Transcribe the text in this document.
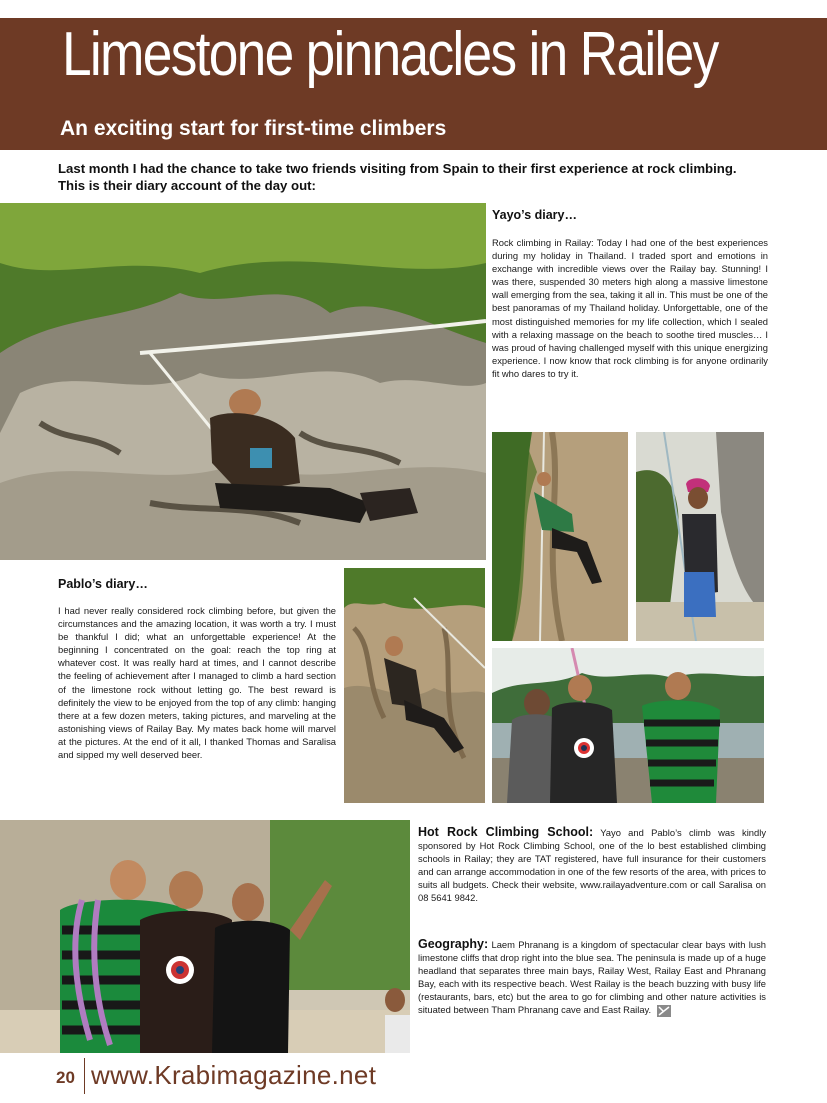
Limestone pinnacles in Railey
An exciting start for first-time climbers
Last month I had the chance to take two friends visiting from Spain to their first experience at rock climbing. This is their diary account of the day out:
Yayo’s diary…
Rock climbing in Railay: Today I had one of the best experiences during my holiday in Thailand. I traded sport and emotions in exchange with incredible views over the Railay bay. Stunning! I was there, suspended 30 meters high along a massive limestone wall emerging from the sea, taking it all in. This must be one of the best panoramas of my Thailand holiday. Unforgettable, one of the most distinguished memories for my life collection, which I sealed with a relaxing massage on the beach to soothe tired muscles… I was proud of having challenged myself with this unique energizing experience. I now know that rock climbing is for anyone ordinarily fit who dares to try it.
Pablo’s diary…
I had never really considered rock climbing before, but given the circumstances and the amazing location, it was worth a try. I must be thankful I did; what an unforgettable experience! At the beginning I concentrated on the goal: reach the top ring at whatever cost. It was really hard at times, and I cannot describe the feeling of achievement after I managed to climb a hard section of the limestone rock without letting go. The best reward is definitely the view to be enjoyed from the top of any climb: hanging there at a few dozen meters, taking pictures, and marveling at the astonishing views of Railay Bay. My mates back home will marvel at the pictures. At the end of it all, I thanked Thomas and Saralisa and sipped my well deserved beer.
Hot Rock Climbing School: Yayo and Pablo’s climb was kindly sponsored by Hot Rock Climbing School, one of the lo best established climbing schools in Railay; they are TAT registered, have full insurance for their customers and can arrange accommodation in one of the few resorts of the area, with prices to suits all budgets. Check their website, www.railayadventure.com or call Saralisa on 08 5641 9842.
Geography: Laem Phranang is a kingdom of spectacular clear bays with lush limestone cliffs that drop right into the blue sea. The peninsula is made up of a huge headland that separates three main bays, Railay West, Railay East and Phranang Bay, each with its respective beach. West Railay is the beach buzzing with busy life (restaurants, bars, etc) but the area to go for climbing and other nature activities is situated between Tham Phranang cave and East Railay.
20 www.Krabimagazine.net
